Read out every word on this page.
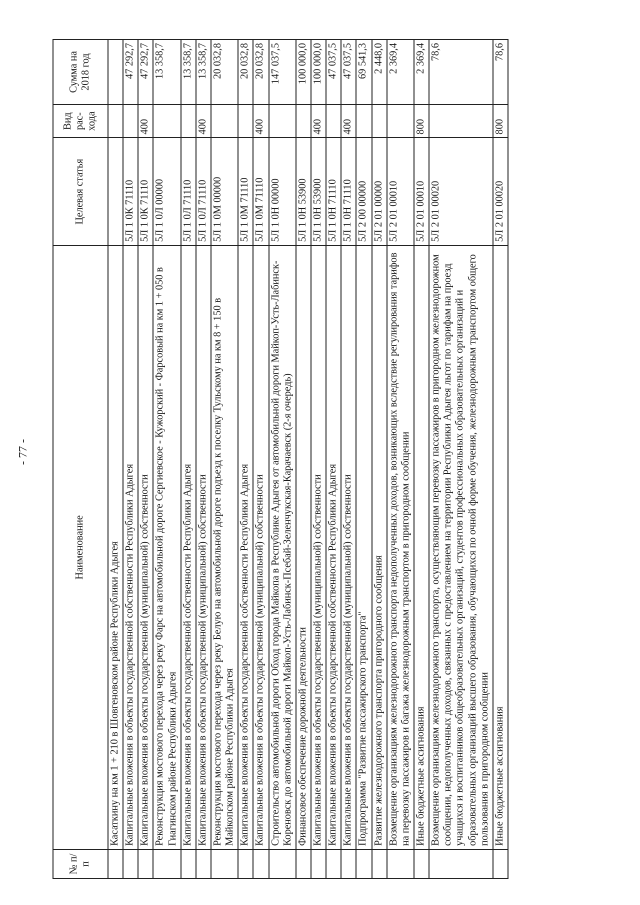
- 77 -
№ п/п	Наименование	Целевая статья	Вид рас-хода	Сумма на 2018 год
	Касаткину на км 1 + 210 в Шовгеновском районе Республики Адыгея			
	Капитальные вложения в объекты государственной собственности Республики Адыгея	5Л 1 0К 71110		47 292,7
	Капитальные вложения в объекты государственной (муниципальной) собственности	5Л 1 0К 71110	400	47 292,7
	Реконструкция мостового перехода через реку Фарс на автомобильной дороге Сергиевское - Кужорский - Фарсовый на км 1 + 050 в Гиагинском районе Республики Адыгея	5Л 1 0Л 00000		13 358,7
	Капитальные вложения в объекты государственной собственности Республики Адыгея	5Л 1 0Л 71110		13 358,7
	Капитальные вложения в объекты государственной (муниципальной) собственности	5Л 1 0Л 71110	400	13 358,7
	Реконструкция мостового перехода через реку Белую на автомобильной дороге подъезд к поселку Тульскому на км 8 + 150 в Майкопском районе Республики Адыгея	5Л 1 0М 00000		20 032,8
	Капитальные вложения в объекты государственной собственности Республики Адыгея	5Л 1 0М 71110		20 032,8
	Капитальные вложения в объекты государственной (муниципальной) собственности	5Л 1 0М 71110	400	20 032,8
	Строительство автомобильной дороги Обход города Майкопа в Республике Адыгея от автомобильной дороги Майкоп-Усть-Лабинск-Кореновск до автомобильной дороги Майкоп-Усть-Лабинск-Псебай-Зеленчукская-Карачаевск (2-я очередь)	5Л 1 0Н 00000		147 037,5
	Финансовое обеспечение дорожной деятельности	5Л 1 0Н 53900		100 000,0
	Капитальные вложения в объекты государственной (муниципальной) собственности	5Л 1 0Н 53900	400	100 000,0
	Капитальные вложения в объекты государственной собственности Республики Адыгея	5Л 1 0Н 71110		47 037,5
	Капитальные вложения в объекты государственной (муниципальной) собственности	5Л 1 0Н 71110	400	47 037,5
	Подпрограмма "Развитие пассажирского транспорта"	5Л 2 00 00000		69 541,3
	Развитие железнодорожного транспорта пригородного сообщения	5Л 2 01 00000		2 448,0
	Возмещение организациям железнодорожного транспорта недополученных доходов, возникающих вследствие регулирования тарифов на перевозку пассажиров и багажа железнодорожным транспортом в пригородном сообщении	5Л 2 01 00010		2 369,4
	Иные бюджетные ассигнования	5Л 2 01 00010	800	2 369,4
	Возмещение организациям железнодорожного транспорта, осуществляющим перевозку пассажиров в пригородном железнодорожном сообщении, недополученных доходов, связанных с предоставлением на территории Республики Адыгея льгот по тарифам на проезд учащихся и воспитанников общеобразовательных организаций, студентов профессиональных образовательных организаций и образовательных организаций высшего образования, обучающихся по очной форме обучения, железнодорожным транспортом общего пользования в пригородном сообщении	5Л 2 01 00020		78,6
	Иные бюджетные ассигнования	5Л 2 01 00020	800	78,6
